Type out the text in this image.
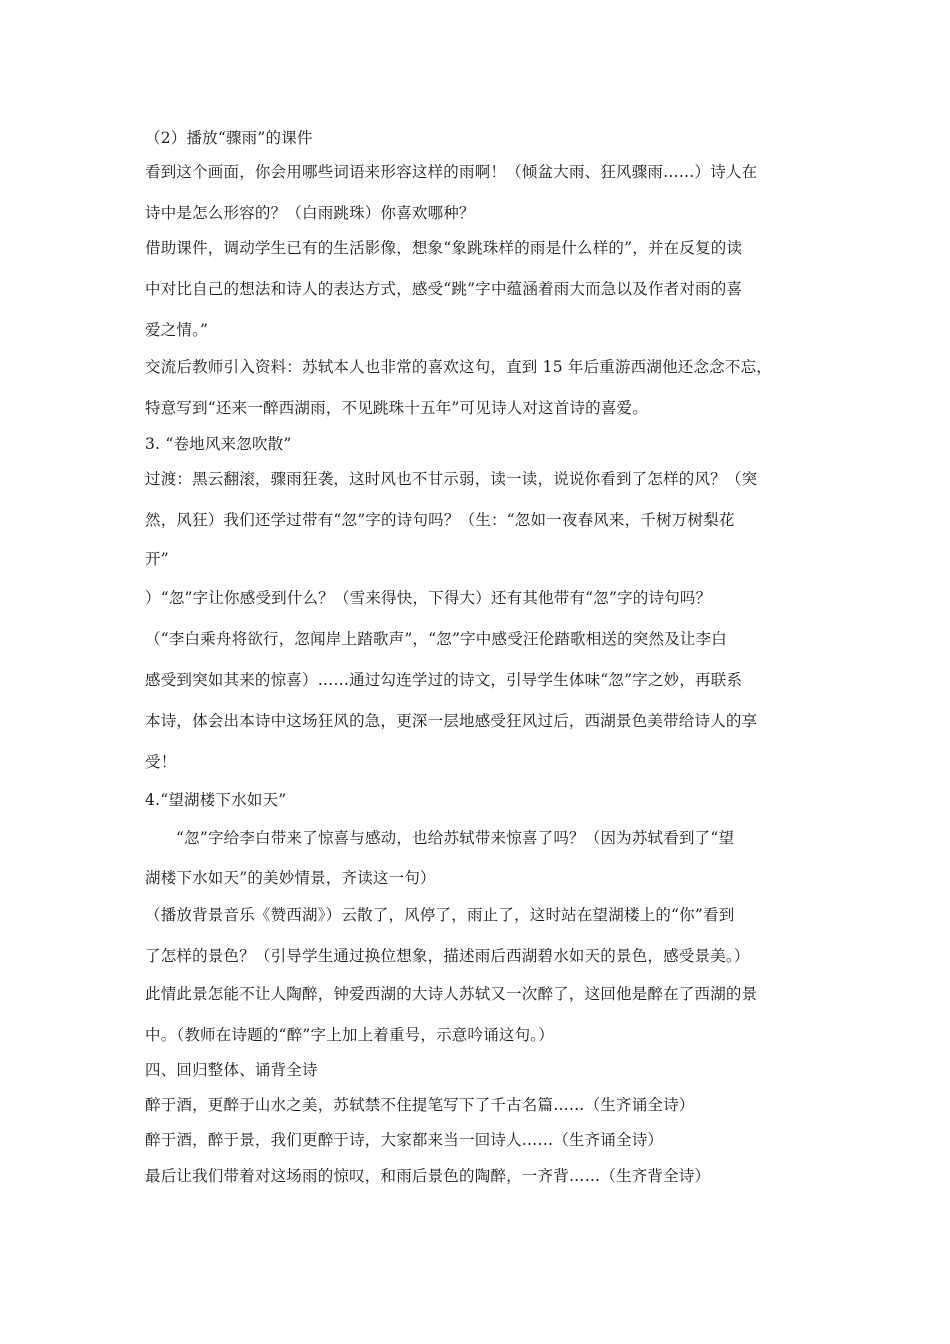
（2）播放“骤雨”的课件
看到这个画面，你会用哪些词语来形容这样的雨啊！（倾盆大雨、狂风骤雨……）诗人在
诗中是怎么形容的？（白雨跳珠）你喜欢哪种？
借助课件，调动学生已有的生活影像，想象“象跳珠样的雨是什么样的”，并在反复的读
中对比自己的想法和诗人的表达方式，感受“跳”字中蕴涵着雨大而急以及作者对雨的喜
爱之情。”
交流后教师引入资料：苏轼本人也非常的喜欢这句，直到 15 年后重游西湖他还念念不忘，
特意写到“还来一醉西湖雨，不见跳珠十五年”可见诗人对这首诗的喜爱。
3. “卷地风来忽吹散”
过渡：黑云翻滚，骤雨狂袭，这时风也不甘示弱，读一读，说说你看到了怎样的风？（突
然，风狂）我们还学过带有“忽”字的诗句吗？（生：“忽如一夜春风来，千树万树梨花
开”
）“忽”字让你感受到什么？（雪来得快，下得大）还有其他带有“忽”字的诗句吗？
（“李白乘舟将欲行，忽闻岸上踏歌声”，“忽”字中感受汪伦踏歌相送的突然及让李白
感受到突如其来的惊喜）……通过勾连学过的诗文，引导学生体味“忽”字之妙，再联系
本诗，体会出本诗中这场狂风的急，更深一层地感受狂风过后，西湖景色美带给诗人的享
受！
4.“望湖楼下水如天”
“忽”字给李白带来了惊喜与感动，也给苏轼带来惊喜了吗？（因为苏轼看到了“望
湖楼下水如天”的美妙情景，齐读这一句）
（播放背景音乐《赞西湖》）云散了，风停了，雨止了，这时站在望湖楼上的“你”看到
了怎样的景色？（引导学生通过换位想象，描述雨后西湖碧水如天的景色，感受景美。）
此情此景怎能不让人陶醉，钟爱西湖的大诗人苏轼又一次醉了，这回他是醉在了西湖的景
中。（教师在诗题的“醉”字上加上着重号，示意吟诵这句。）
四、回归整体、诵背全诗
醉于酒，更醉于山水之美，苏轼禁不住提笔写下了千古名篇……（生齐诵全诗）
醉于酒，醉于景，我们更醉于诗，大家都来当一回诗人……（生齐诵全诗）
最后让我们带着对这场雨的惊叹，和雨后景色的陶醉，一齐背……（生齐背全诗）
